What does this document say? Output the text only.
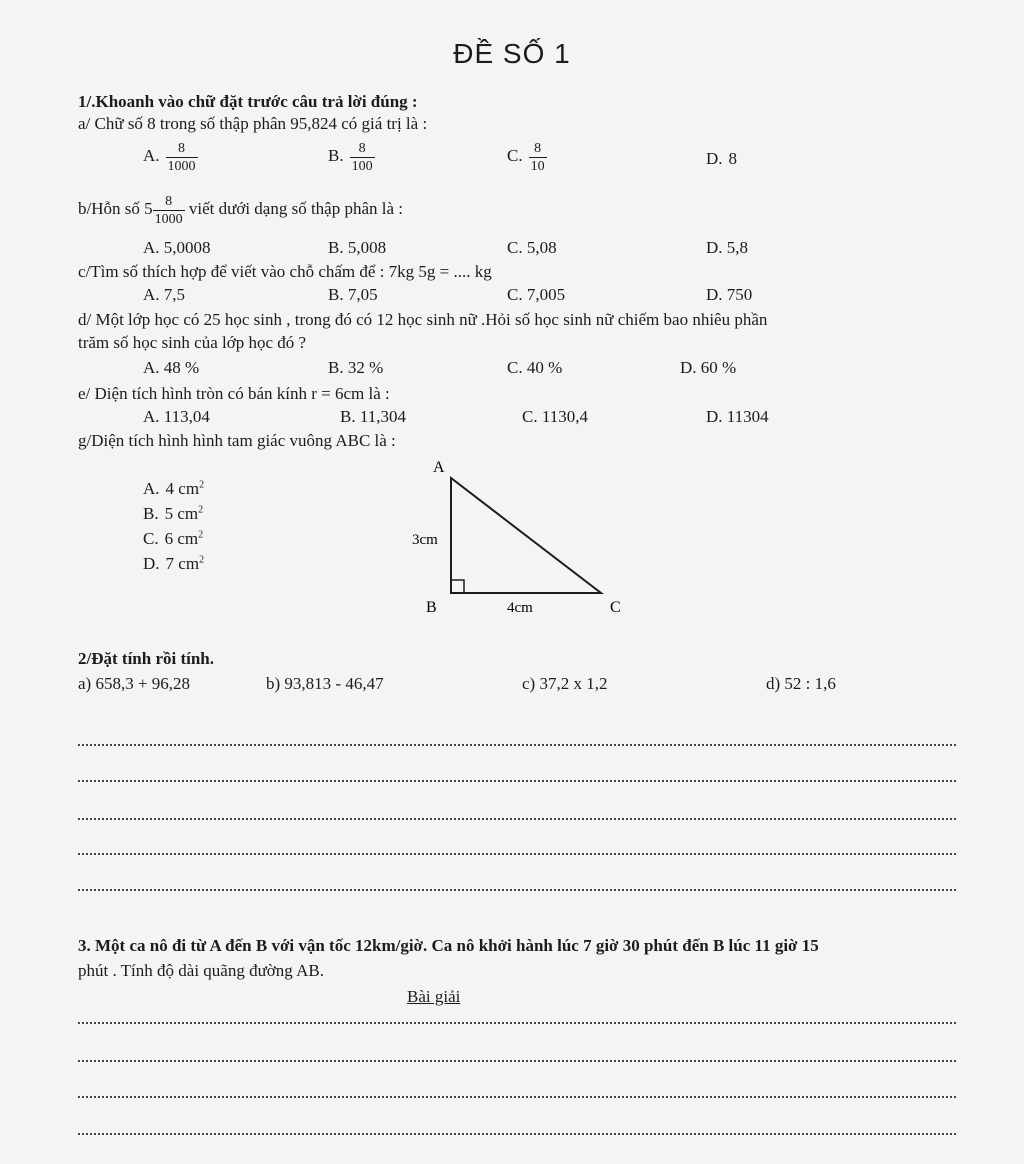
ĐỀ SỐ 1
1/.Khoanh vào chữ đặt trước câu trả lời đúng :
a/ Chữ số 8 trong số thập phân 95,824 có giá trị là :
A. $\frac{8}{1000}$	B. $\frac{8}{100}$	C. $\frac{8}{10}$	D. 8
b/Hỗn số $5 \frac{8}{1000}$ viết dưới dạng số thập phân là :
A. 5,0008	B. 5,008	C. 5,08	D. 5,8
c/Tìm số thích hợp để viết vào chỗ chấm để : 7kg 5g = .... kg
A. 7,5	B. 7,05	C. 7,005	D. 750
d/ Một lớp học có 25 học sinh , trong đó có 12 học sinh nữ .Hỏi số học sinh nữ chiếm bao nhiêu phần
trăm số học sinh của lớp học đó ?
A. 48 %	B. 32 %	C. 40 %	D. 60 %
e/ Diện tích hình tròn có bán kính r = 6cm là :
A. 113,04	B. 11,304	C. 1130,4	D. 11304
g/Diện tích hình hình tam giác vuông ABC là :
A. 4 $cm^2$
B. 5 $cm^2$
C. 6 $cm^2$
D. 7 $cm^2$
A
B	C
3cm
4cm
2/Đặt tính rồi tính.
a) 658,3 + 96,28	b) 93,813 - 46,47	c) 37,2 x 1,2	d) 52 : 1,6
3. Một ca nô đi từ A đến B với vận tốc 12km/giờ. Ca nô khởi hành lúc 7 giờ 30 phút đến B lúc 11 giờ 15
phút . Tính độ dài quãng đường AB.
Bài giải
